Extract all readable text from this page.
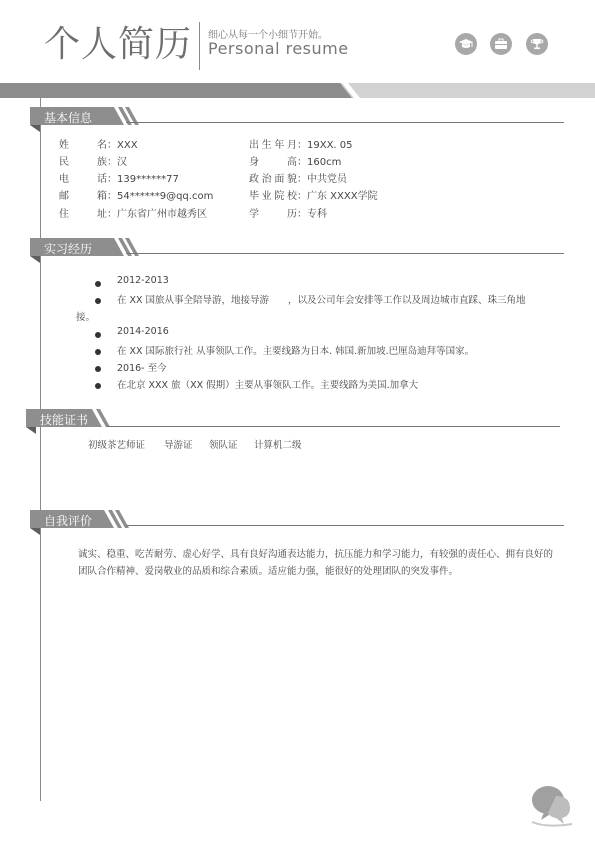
个人简历 细心从每一个小细节开始。
Personal resume
基本信息
姓　　名：XXX
民　　族：汉
电　　话：139******77
邮　　箱：54******9@qq.com
住　　址：广东省广州市越秀区
出生年月：19XX. 05
身　　高：160cm
政治面貌：中共党员
毕业院校：广东 XXXX学院
学　　历：专科
实习经历
2012-2013
在 XX 国旅从事全陪导游，地接导游　　，以及公司年会安排等工作以及周边城市直踩、珠三角地
接。
2014-2016
在 XX 国际旅行社 从事领队工作。主要线路为日本. 韩国.新加坡.巴厘岛迪拜等国家。
2016- 至今
在北京 XXX 旅（XX 假期）主要从事领队工作。主要线路为美国.加拿大
技能证书
初级茶艺师证 导游证 领队证 计算机二级
自我评价
诚实、稳重、吃苦耐劳、虚心好学、具有良好沟通表达能力，抗压能力和学习能力，有较强的责任心、拥有良好的团队合作精神、爱岗敬业的品质和综合素质。适应能力强，能很好的处理团队的突发事件。
